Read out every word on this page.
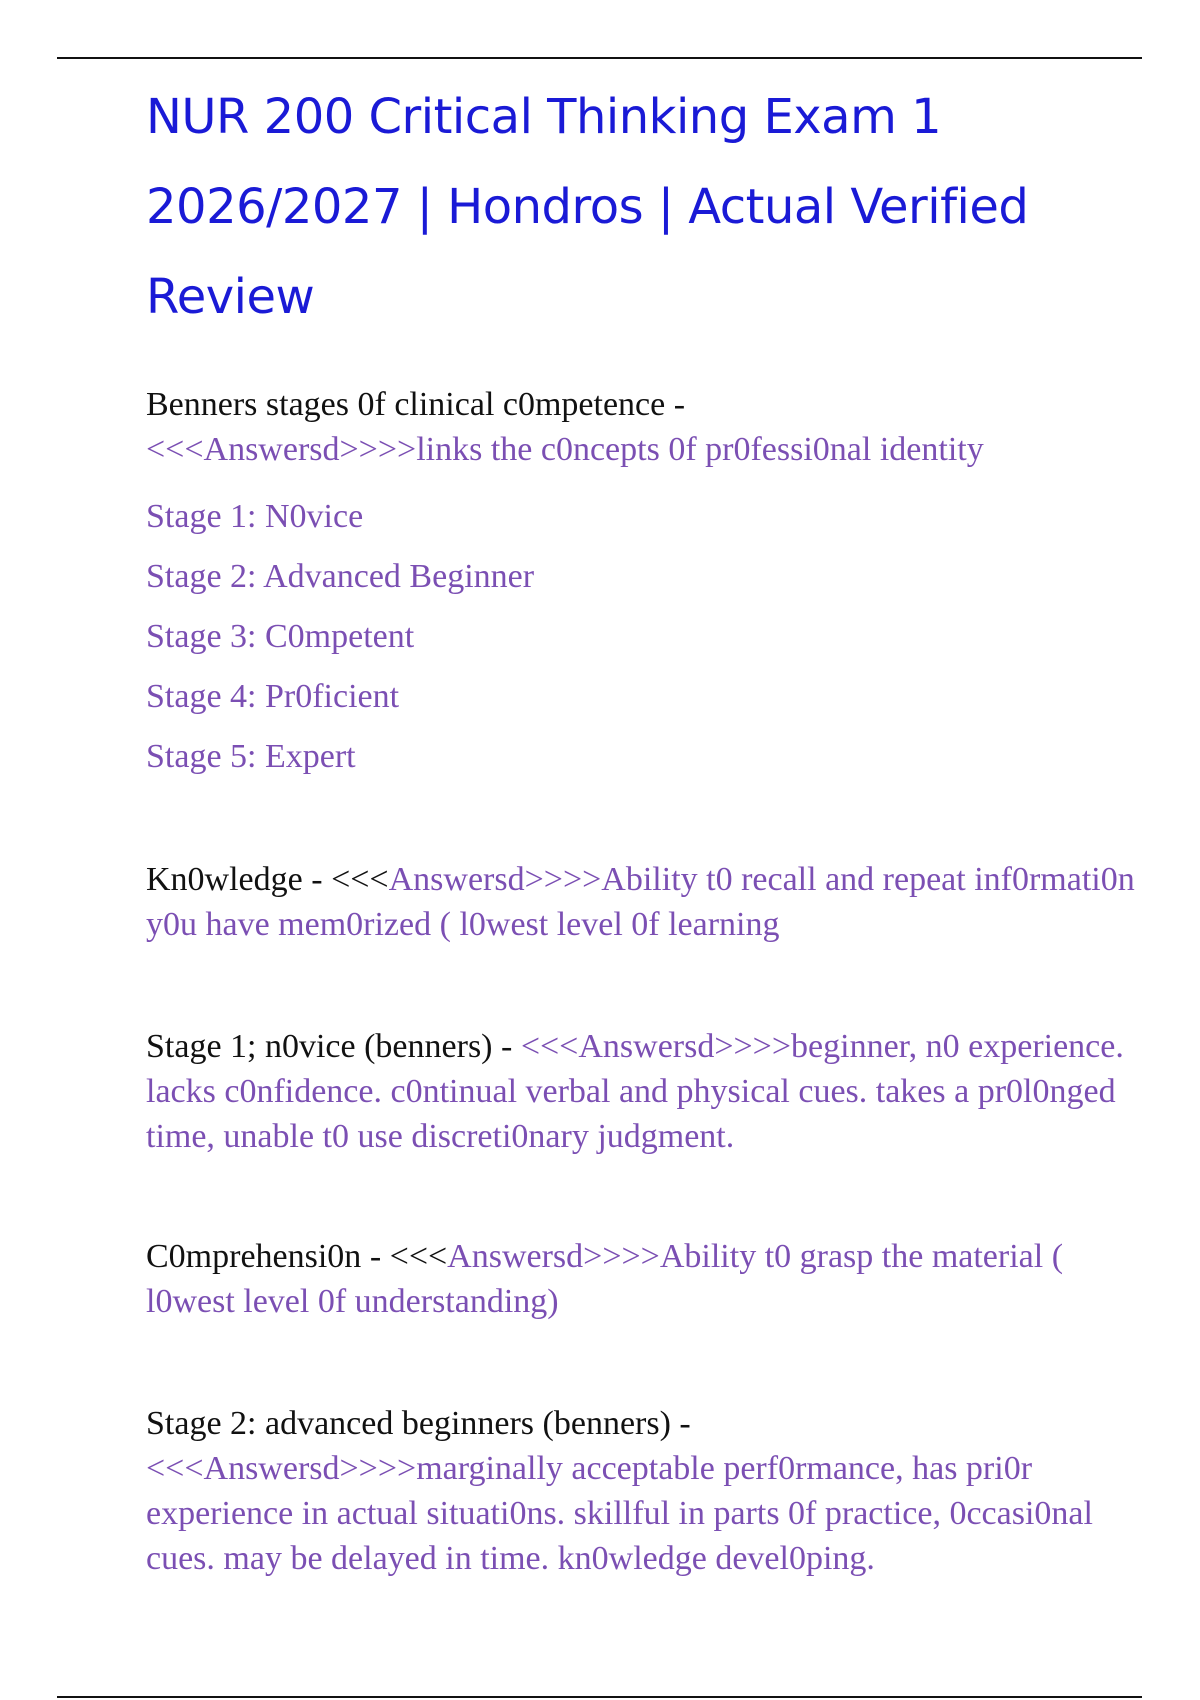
NUR 200 Critical Thinking Exam 1
2026/2027 | Hondros | Actual Verified
Review
Benners stages 0f clinical c0mpetence -
<<<Answersd>>>>links the c0ncepts 0f pr0fessi0nal identity
Stage 1: N0vice
Stage 2: Advanced Beginner
Stage 3: C0mpetent
Stage 4: Pr0ficient
Stage 5: Expert
Kn0wledge - <<<Answersd>>>>Ability t0 recall and repeat inf0rmati0n y0u have mem0rized ( l0west level 0f learning
Stage 1; n0vice (benners) - <<<Answersd>>>>beginner, n0 experience. lacks c0nfidence. c0ntinual verbal and physical cues. takes a pr0l0nged time, unable t0 use discreti0nary judgment.
C0mprehensi0n - <<<Answersd>>>>Ability t0 grasp the material ( l0west level 0f understanding)
Stage 2: advanced beginners (benners) -
<<<Answersd>>>>marginally acceptable perf0rmance, has pri0r experience in actual situati0ns. skillful in parts 0f practice, 0ccasi0nal cues. may be delayed in time. kn0wledge devel0ping.
